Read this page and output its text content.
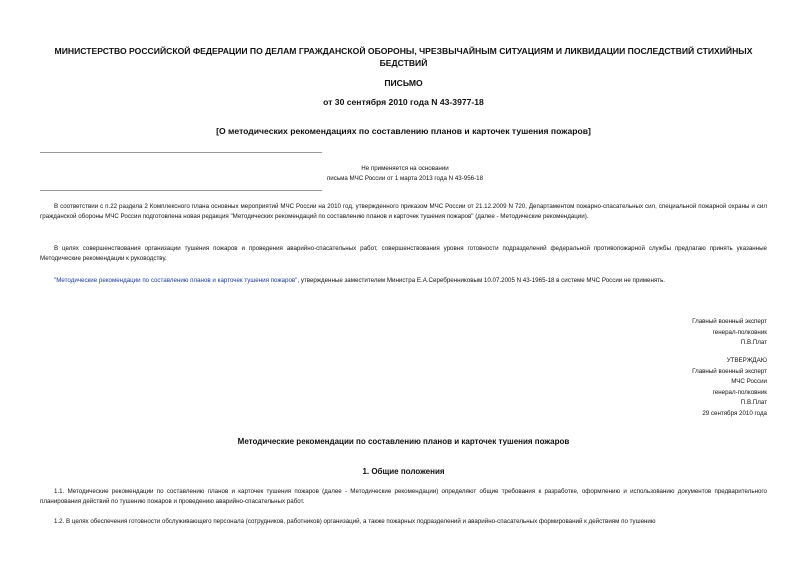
МИНИСТЕРСТВО РОССИЙСКОЙ ФЕДЕРАЦИИ ПО ДЕЛАМ ГРАЖДАНСКОЙ ОБОРОНЫ, ЧРЕЗВЫЧАЙНЫМ СИТУАЦИЯМ И ЛИКВИДАЦИИ ПОСЛЕДСТВИЙ СТИХИЙНЫХ БЕДСТВИЙ
ПИСЬМО
от 30 сентября 2010 года N 43-3977-18
[О методических рекомендациях по составлению планов и карточек тушения пожаров]
Не применяется на основании
письма МЧС России от 1 марта 2013 года N 43-956-18
В соответствии с п.22 раздела 2 Комплексного плана основных мероприятий МЧС России на 2010 год, утвержденного приказом МЧС России от 21.12.2009 N 720, Департаментом пожарно-спасательных сил, специальной пожарной охраны и сил гражданской обороны МЧС России подготовлена новая редакция "Методических рекомендаций по составлению планов и карточек тушения пожаров" (далее - Методические рекомендации).
В целях совершенствования организации тушения пожаров и проведения аварийно-спасательных работ, совершенствования уровня готовности подразделений федеральной противопожарной службы предлагаю принять указанные Методические рекомендации к руководству.
"Методические рекомендации по составлению планов и карточек тушения пожаров", утвержденные заместителем Министра Е.А.Серебренниковым 10.07.2005 N 43-1965-18 в системе МЧС России не применять.
Главный военный эксперт
генерал-полковник
П.В.Плат
УТВЕРЖДАЮ
Главный военный эксперт
МЧС России
генерал-полковник
П.В.Плат
29 сентября 2010 года
Методические рекомендации по составлению планов и карточек тушения пожаров
1. Общие положения
1.1. Методические рекомендации по составлению планов и карточек тушения пожаров (далее - Методические рекомендации) определяют общие требования к разработке, оформлению и использованию документов предварительного планирования действий по тушению пожаров и проведению аварийно-спасательных работ.
1.2. В целях обеспечения готовности обслуживающего персонала (сотрудников, работников) организаций, а также пожарных подразделений и аварийно-спасательных формирований к действиям по тушению
